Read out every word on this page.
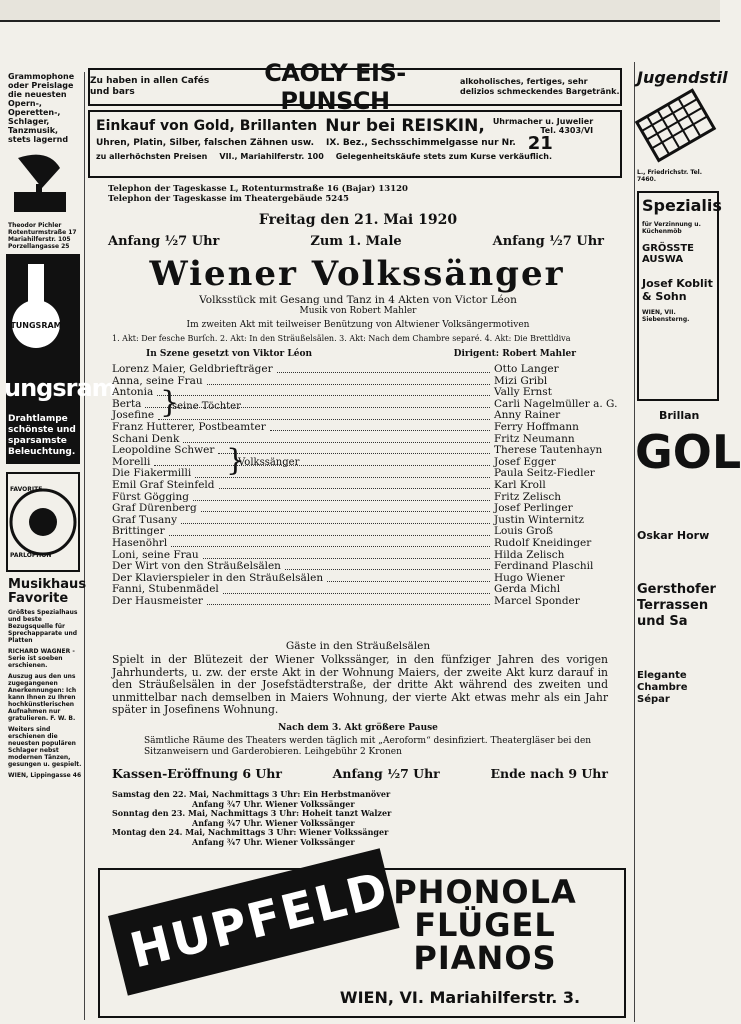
Grammophone oder Preislage die neuesten Opern-, Operetten-, Schlager, Tanzmusik, stets lagernd
Theodor Pichler Rotenturmstraße 17 Mariahilferstr. 105 Porzellangasse 25
TUNGSRAM
ungsram
Drahtlampe schönste und sparsamste Beleuchtung.
FAVORITE
PARLOPHON
Musikhaus Favorite
Größtes Spezialhaus und beste Bezugsquelle für Sprechapparate und Platten
RICHARD WAGNER - Serie ist soeben erschienen.
Auszug aus den uns zugegangenen Anerkennungen: Ich kann Ihnen zu Ihren hochkünstlerischen Aufnahmen nur gratulieren. F. W. B.
Weiters sind erschienen die neuesten populären Schlager nebst modernen Tänzen, gesungen u. gespielt.
WIEN, Lippingasse 46
Zu haben in allen Cafés und bars
CAOLY EIS-PUNSCH
alkoholisches, fertiges, sehr delizios schmeckendes Bargetränk.
Einkauf von Gold, Brillanten Nur bei REISKIN, Uhrmacher u. Juwelier
Tel. 4303/VI
Uhren, Platin, Silber, falschen Zähnen usw. IX. Bez., Sechsschimmelgasse nur Nr. 21
zu allerhöchsten Preisen VII., Mariahilferstr. 100 Gelegenheitskäufe stets zum Kurse verkäuflich.
Telephon der Tageskasse L, Rotenturmstraße 16 (Bajar) 13120
Telephon der Tageskasse im Theatergebäude 5245
Freitag den 21. Mai 1920
Anfang ½7 Uhr	Zum 1. Male	Anfang ½7 Uhr
Wiener Volkssänger
Volksstück mit Gesang und Tanz in 4 Akten von Victor Léon
Musik von Robert Mahler
Im zweiten Akt mit teilweiser Benützung von Altwiener Volksängermotiven
1. Akt: Der fesche Burſch. 2. Akt: In den Sträußelsälen. 3. Akt: Nach dem Chambre separé. 4. Akt: Die Brettldiva
In Szene gesetzt von Viktor Léon	Dirigent: Robert Mahler
Lorenz Maier, Geldbriefträger	Otto Langer
Anna, seine Frau	Mizi Gribl
Antonia	Vally Ernst
Berta	Carli Nagelmüller a. G.
Josefine	Anny Rainer
Franz Hutterer, Postbeamter	Ferry Hoffmann
Schani Denk	Fritz Neumann
Leopoldine Schwer	Therese Tautenhayn
Morelli	Josef Egger
Die Fiakermilli	Paula Seitz-Fiedler
Emil Graf Steinfeld	Karl Kroll
Fürst Gögging	Fritz Zelisch
Graf Dürenberg	Josef Perlinger
Graf Tusany	Justin Winternitz
Brittinger	Louis Groß
Hasenöhrl	Rudolf Kneidinger
Loni, seine Frau	Hilda Zelisch
Der Wirt von den Sträußelsälen	Ferdinand Plaschil
Der Klavierspieler in den Sträußelsälen	Hugo Wiener
Fanni, Stubenmädel	Gerda Michl
Der Hausmeister	Marcel Sponder
}
seine Töchter
}
Volkssänger
Gäste in den Sträußelsälen
Spielt in der Blütezeit der Wiener Volkssänger, in den fünfziger Jahren des vorigen Jahrhunderts, u. zw. der erste Akt in der Wohnung Maiers, der zweite Akt kurz darauf in den Sträußelsälen in der Josefstädterstraße, der dritte Akt während des zweiten und unmittelbar nach demselben in Maiers Wohnung, der vierte Akt etwas mehr als ein Jahr später in Josefinens Wohnung.
Nach dem 3. Akt größere Pause
Sämtliche Räume des Theaters werden täglich mit „Aeroform“ desinfiziert. Theatergläser bei den Sitzanweisern und Garderobieren. Leihgebühr 2 Kronen
Kassen-Eröffnung 6 Uhr	Anfang ½7 Uhr	Ende nach 9 Uhr
Samstag den 22. Mai, Nachmittags 3 Uhr: Ein Herbstmanöver
Anfang ¾7 Uhr. Wiener Volkssänger
Sonntag den 23. Mai, Nachmittags 3 Uhr: Hoheit tanzt Walzer
Anfang ¾7 Uhr. Wiener Volkssänger
Montag den 24. Mai, Nachmittags 3 Uhr: Wiener Volkssänger
Anfang ¾7 Uhr. Wiener Volkssänger
HUPFELD
PHONOLA
FLÜGEL
PIANOS
WIEN, VI. Mariahilferstr. 3.
Jugendstil
L., Friedrichstr. Tel. 7460.
Spezialis
für Verzinnung u. Küchenmöb
GRÖSSTE AUSWA
Josef Koblit & Sohn
WIEN, VII. Siebensterng.
Brillan
GOL
Oskar Horw
Gersthofer Terrassen und Sa
Elegante Chambre Sépar
